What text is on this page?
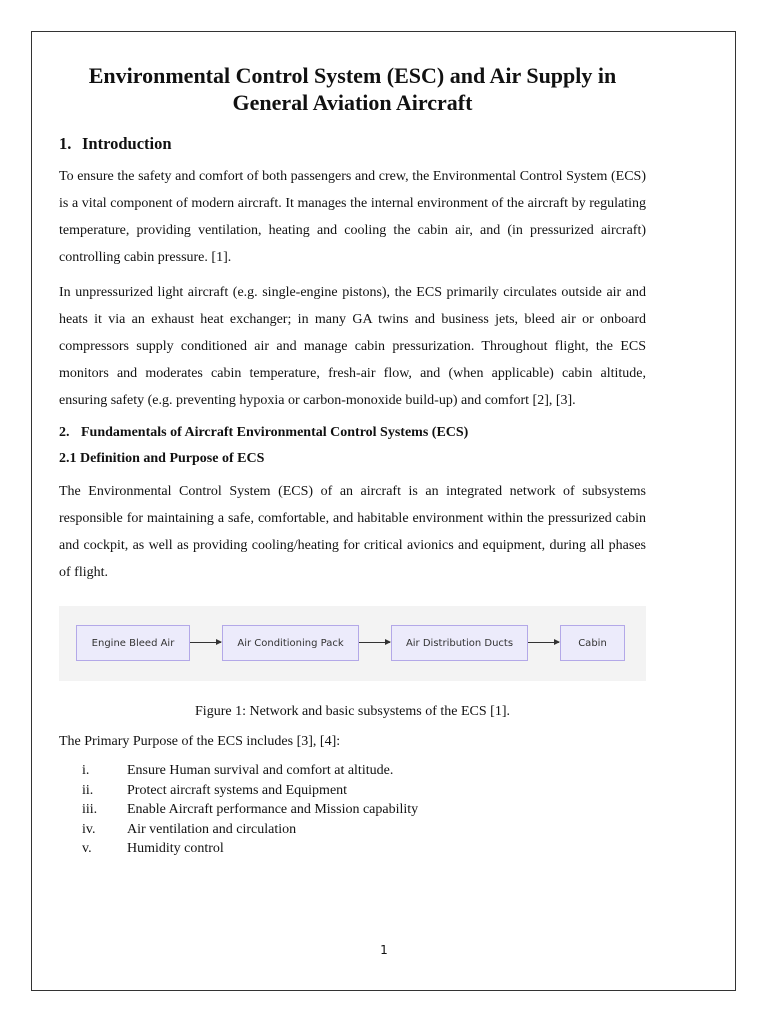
Environmental Control System (ESC) and Air Supply in General Aviation Aircraft
1. Introduction

To ensure the safety and comfort of both passengers and crew, the Environmental Control System (ECS) is a vital component of modern aircraft. It manages the internal environment of the aircraft by regulating temperature, providing ventilation, heating and cooling the cabin air, and (in pressurized aircraft) controlling cabin pressure. [1].

In unpressurized light aircraft (e.g. single-engine pistons), the ECS primarily circulates outside air and heats it via an exhaust heat exchanger; in many GA twins and business jets, bleed air or onboard compressors supply conditioned air and manage cabin pressurization. Throughout flight, the ECS monitors and moderates cabin temperature, fresh-air flow, and (when applicable) cabin altitude, ensuring safety (e.g. preventing hypoxia or carbon-monoxide build-up) and comfort [2], [3].

2. Fundamentals of Aircraft Environmental Control Systems (ECS)
2.1 Definition and Purpose of ECS

The Environmental Control System (ECS) of an aircraft is an integrated network of subsystems responsible for maintaining a safe, comfortable, and habitable environment within the pressurized cabin and cockpit, as well as providing cooling/heating for critical avionics and equipment, during all phases of flight.

Engine Bleed Air	Air Conditioning Pack	Air Distribution Ducts	Cabin
Figure 1: Network and basic subsystems of the ECS [1].
The Primary Purpose of the ECS includes [3], [4]:
i.	Ensure Human survival and comfort at altitude.
ii.	Protect aircraft systems and Equipment
iii.	Enable Aircraft performance and Mission capability
iv.	Air ventilation and circulation
v.	Humidity control
1
